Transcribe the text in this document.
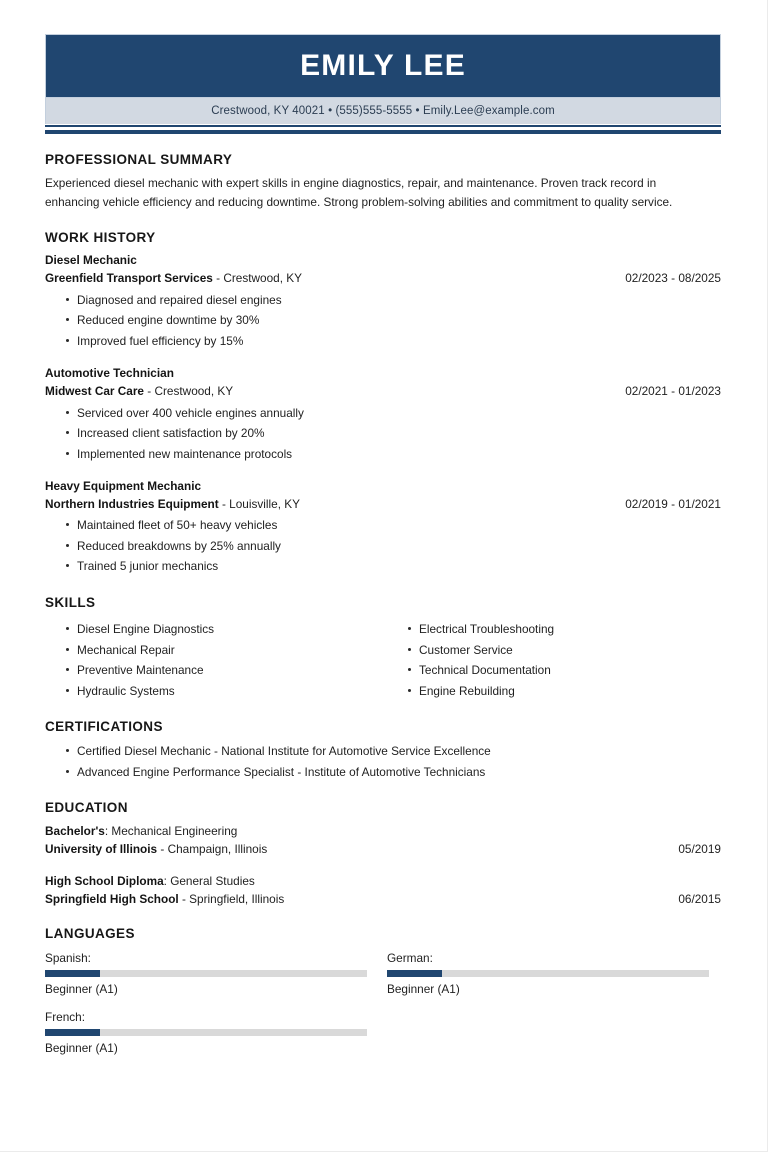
EMILY LEE
Crestwood, KY 40021 • (555)555-5555 • Emily.Lee@example.com
PROFESSIONAL SUMMARY

Experienced diesel mechanic with expert skills in engine diagnostics, repair, and maintenance. Proven track record in enhancing vehicle efficiency and reducing downtime. Strong problem-solving abilities and commitment to quality service.

WORK HISTORY
Diesel Mechanic
Greenfield Transport Services - Crestwood, KY	02/2023 - 08/2025
Diagnosed and repaired diesel engines
Reduced engine downtime by 30%
Improved fuel efficiency by 15%
Automotive Technician
Midwest Car Care - Crestwood, KY	02/2021 - 01/2023
Serviced over 400 vehicle engines annually
Increased client satisfaction by 20%
Implemented new maintenance protocols
Heavy Equipment Mechanic
Northern Industries Equipment - Louisville, KY	02/2019 - 01/2021
Maintained fleet of 50+ heavy vehicles
Reduced breakdowns by 25% annually
Trained 5 junior mechanics
SKILLS
Diesel Engine Diagnostics
Mechanical Repair
Preventive Maintenance
Hydraulic Systems
Electrical Troubleshooting
Customer Service
Technical Documentation
Engine Rebuilding
CERTIFICATIONS
Certified Diesel Mechanic - National Institute for Automotive Service Excellence
Advanced Engine Performance Specialist - Institute of Automotive Technicians
EDUCATION
Bachelor's: Mechanical Engineering
University of Illinois - Champaign, Illinois	05/2019
High School Diploma: General Studies
Springfield High School - Springfield, Illinois	06/2015
LANGUAGES
Spanish:
Beginner (A1)
German:
Beginner (A1)
French:
Beginner (A1)
